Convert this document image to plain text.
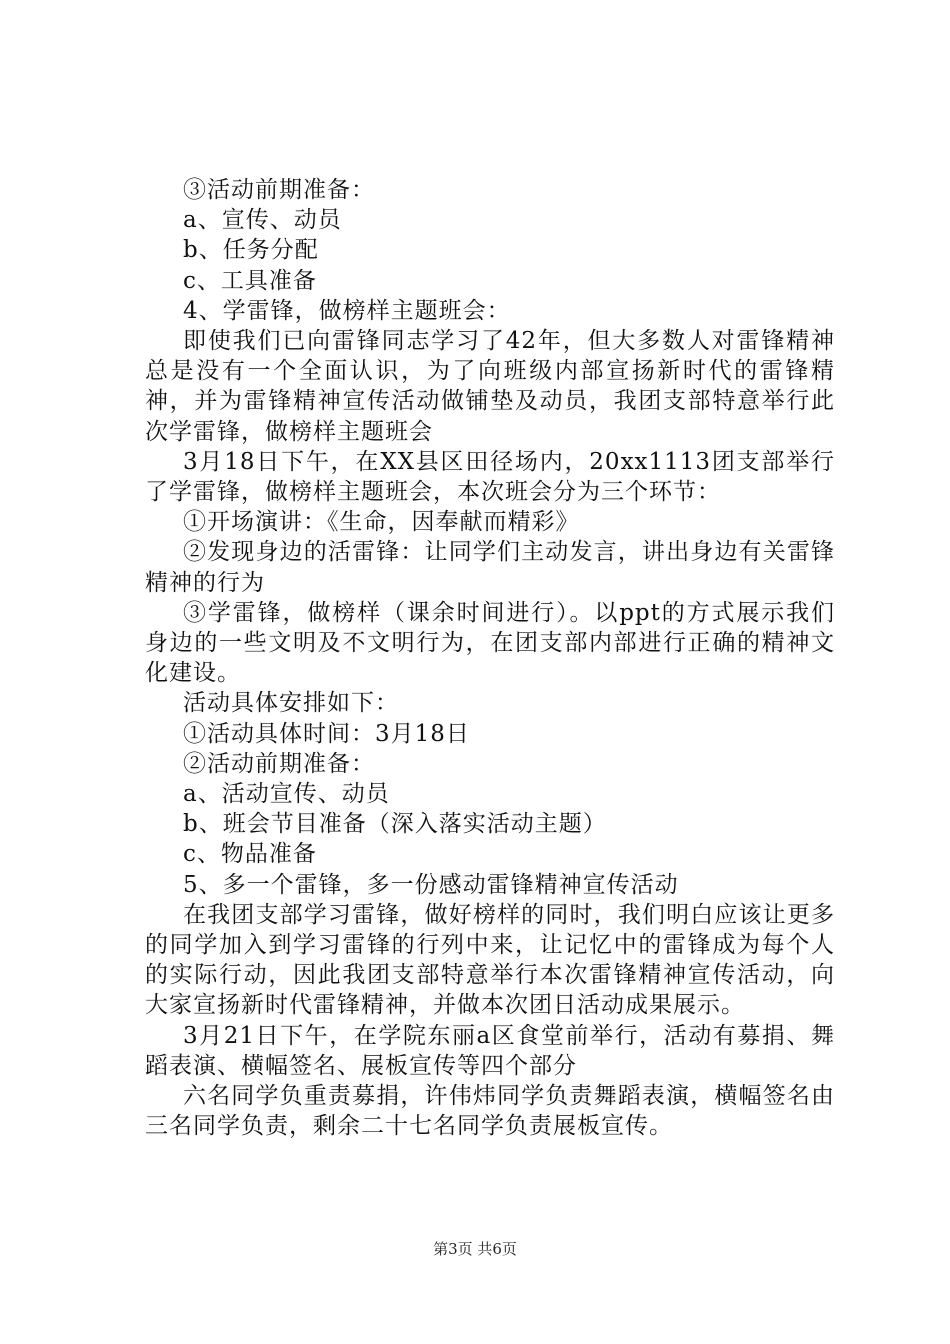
③活动前期准备：

a、宣传、动员

b、任务分配

c、工具准备

4、学雷锋，做榜样主题班会：

即使我们已向雷锋同志学习了42年，但大多数人对雷锋精神总是没有一个全面认识，为了向班级内部宣扬新时代的雷锋精神，并为雷锋精神宣传活动做铺垫及动员，我团支部特意举行此次学雷锋，做榜样主题班会

3月18日下午，在XX县区田径场内，20xx1113团支部举行了学雷锋，做榜样主题班会，本次班会分为三个环节：

①开场演讲：《生命，因奉献而精彩》

②发现身边的活雷锋：让同学们主动发言，讲出身边有关雷锋精神的行为

③学雷锋，做榜样（课余时间进行）。以ppt的方式展示我们身边的一些文明及不文明行为，在团支部内部进行正确的精神文化建设。

活动具体安排如下：

①活动具体时间：3月18日

②活动前期准备：

a、活动宣传、动员

b、班会节目准备（深入落实活动主题）

c、物品准备

5、多一个雷锋，多一份感动雷锋精神宣传活动

在我团支部学习雷锋，做好榜样的同时，我们明白应该让更多的同学加入到学习雷锋的行列中来，让记忆中的雷锋成为每个人的实际行动，因此我团支部特意举行本次雷锋精神宣传活动，向大家宣扬新时代雷锋精神，并做本次团日活动成果展示。

3月21日下午，在学院东丽a区食堂前举行，活动有募捐、舞蹈表演、横幅签名、展板宣传等四个部分

六名同学负重责募捐，许伟炜同学负责舞蹈表演，横幅签名由三名同学负责，剩余二十七名同学负责展板宣传。

第3页 共6页
